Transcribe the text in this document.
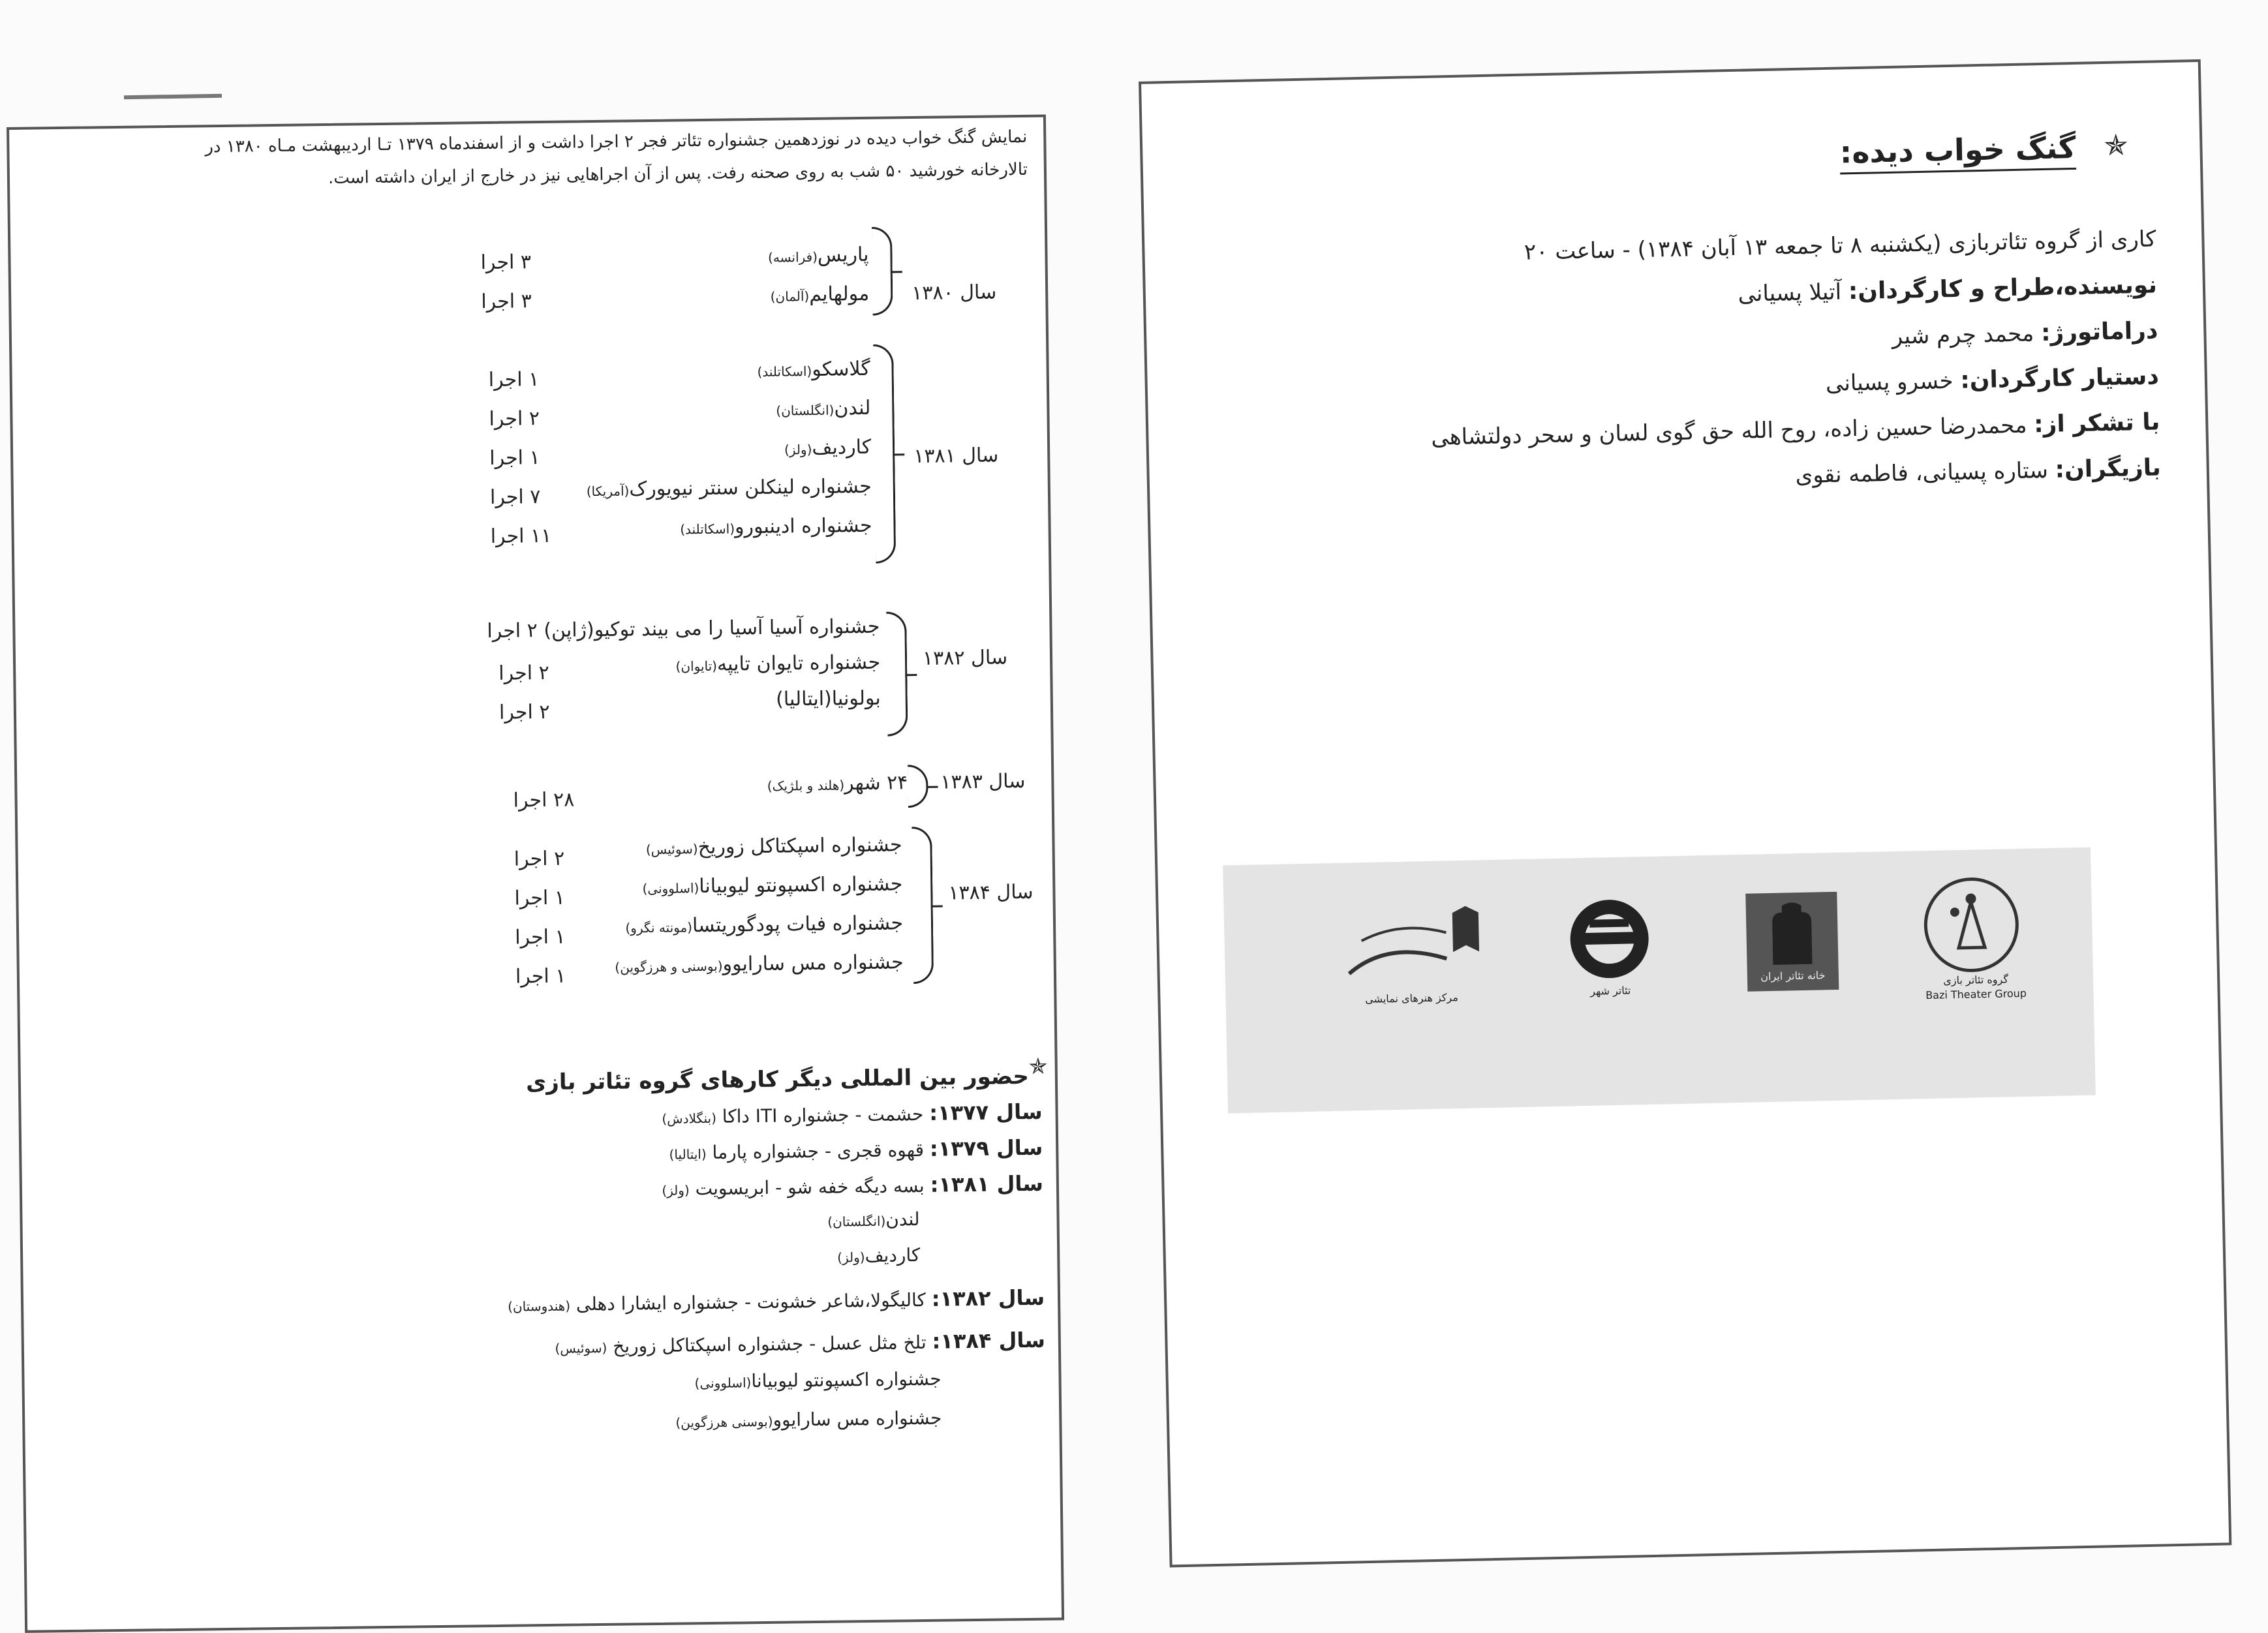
نمایش گنگ خواب دیده در نوزدهمین جشنواره تئاتر فجر ۲ اجرا داشت و از اسفندماه ۱۳۷۹ تـا اردیبهشت مـاه ۱۳۸۰ در تالارخانه خورشید ۵۰ شب به روی صحنه رفت. پس از آن اجراهایی نیز در خارج از ایران داشته است.
سال ۱۳۸۰
پاریس(فرانسه)
۳ اجرا
مولهایم(آلمان)
۳ اجرا
سال ۱۳۸۱
گلاسکو(اسکاتلند)
۱ اجرا
لندن(انگلستان)
۲ اجرا
کاردیف(ولز)
۱ اجرا
جشنواره لینکلن سنتر نیویورک(آمریکا)
۷ اجرا
جشنواره ادینبورو(اسکاتلند)
۱۱ اجرا
سال ۱۳۸۲
جشنواره آسیا آسیا را می بیند توکیو(ژاپن) ۲ اجرا
جشنواره تایوان تایپه(تایوان)
۲ اجرا
بولونیا(ایتالیا)
۲ اجرا
سال ۱۳۸۳
۲۴ شهر(هلند و بلژیک)
۲۸ اجرا
سال ۱۳۸۴
جشنواره اسپکتاکل زوریخ(سوئیس)
۲ اجرا
جشنواره اکسپونتو لیوبیانا(اسلوونی)
۱ اجرا
جشنواره فیات پودگوریتسا(مونته نگرو)
۱ اجرا
جشنواره مس سارایوو(بوسنی و هرزگوین)
۱ اجرا
✯
حضور بین المللی دیگر کارهای گروه تئاتر بازی
سال ۱۳۷۷: حشمت - جشنواره ITI داکا (بنگلادش)
سال ۱۳۷۹: قهوه قجری - جشنواره پارما (ایتالیا)
سال ۱۳۸۱: بسه دیگه خفه شو - ابریسویت (ولز)
لندن(انگلستان)
کاردیف(ولز)
سال ۱۳۸۲: کالیگولا،شاعر خشونت - جشنواره ایشارا دهلی (هندوستان)
سال ۱۳۸۴: تلخ مثل عسل - جشنواره اسپکتاکل زوریخ (سوئیس)
جشنواره اکسپونتو لیوبیانا(اسلوونی)
جشنواره مس سارایوو(بوسنی هرزگوین)
✯
گنگ خواب دیده:
کاری از گروه تئاتربازی (یکشنبه ۸ تا جمعه ۱۳ آبان ۱۳۸۴) - ساعت ۲۰
نویسنده،طراح و کارگردان: آتیلا پسیانی
دراماتورژ: محمد چرم شیر
دستیار کارگردان: خسرو پسیانی
با تشکر از: محمدرضا حسین زاده، روح الله حق گوی لسان و سحر دولتشاهی
بازیگران: ستاره پسیانی، فاطمه نقوی
گروه تئاتر بازی
Bazi Theater Group
خانه تئاتر ایران
تئاتر شهر
مرکز هنرهای نمایشی
